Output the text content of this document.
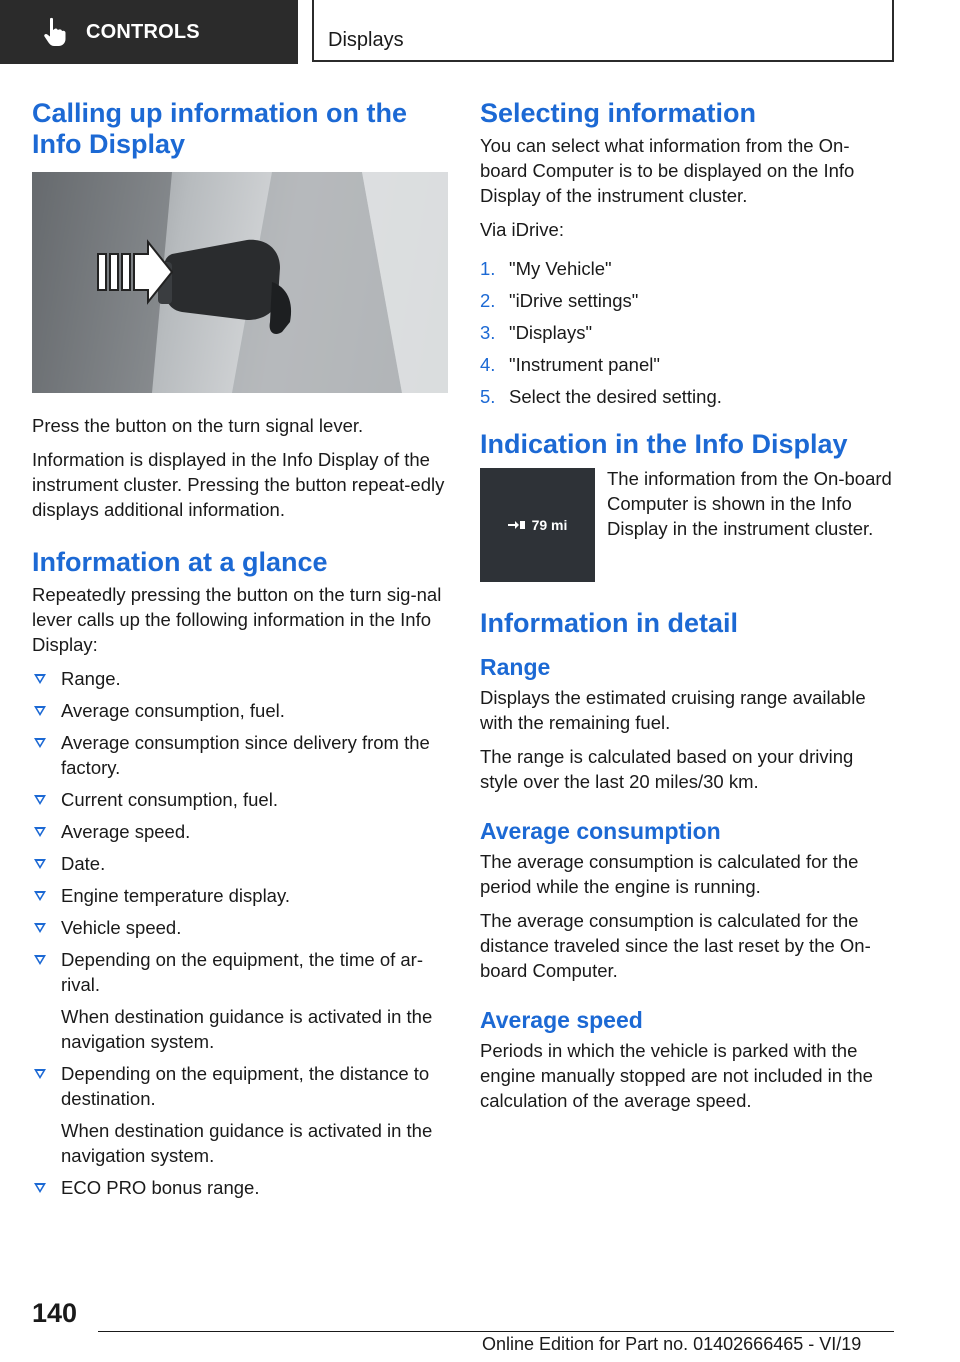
CONTROLS	Displays
Calling up information on the Info Display

Press the button on the turn signal lever.

Information is displayed in the Info Display of the instrument cluster. Pressing the button repeat-edly displays additional information.

Information at a glance

Repeatedly pressing the button on the turn sig-nal lever calls up the following information in the Info Display:

Range.
Average consumption, fuel.
Average consumption since delivery from the factory.
Current consumption, fuel.
Average speed.
Date.
Engine temperature display.
Vehicle speed.
Depending on the equipment, the time of ar-rival.
When destination guidance is activated in the navigation system.
Depending on the equipment, the distance to destination.
When destination guidance is activated in the navigation system.
ECO PRO bonus range.
Selecting information

You can select what information from the On-board Computer is to be displayed on the Info Display of the instrument cluster.

Via iDrive:

1. "My Vehicle"
2. "iDrive settings"
3. "Displays"
4. "Instrument panel"
5. Select the desired setting.
Indication in the Info Display
79 mi

The information from the On-board Computer is shown in the Info Display in the instrument cluster.

Information in detail
Range

Displays the estimated cruising range available with the remaining fuel.

The range is calculated based on your driving style over the last 20 miles/30 km.

Average consumption

The average consumption is calculated for the period while the engine is running.

The average consumption is calculated for the distance traveled since the last reset by the On-board Computer.

Average speed

Periods in which the vehicle is parked with the engine manually stopped are not included in the calculation of the average speed.

140
Online Edition for Part no. 01402666465 - VI/19
